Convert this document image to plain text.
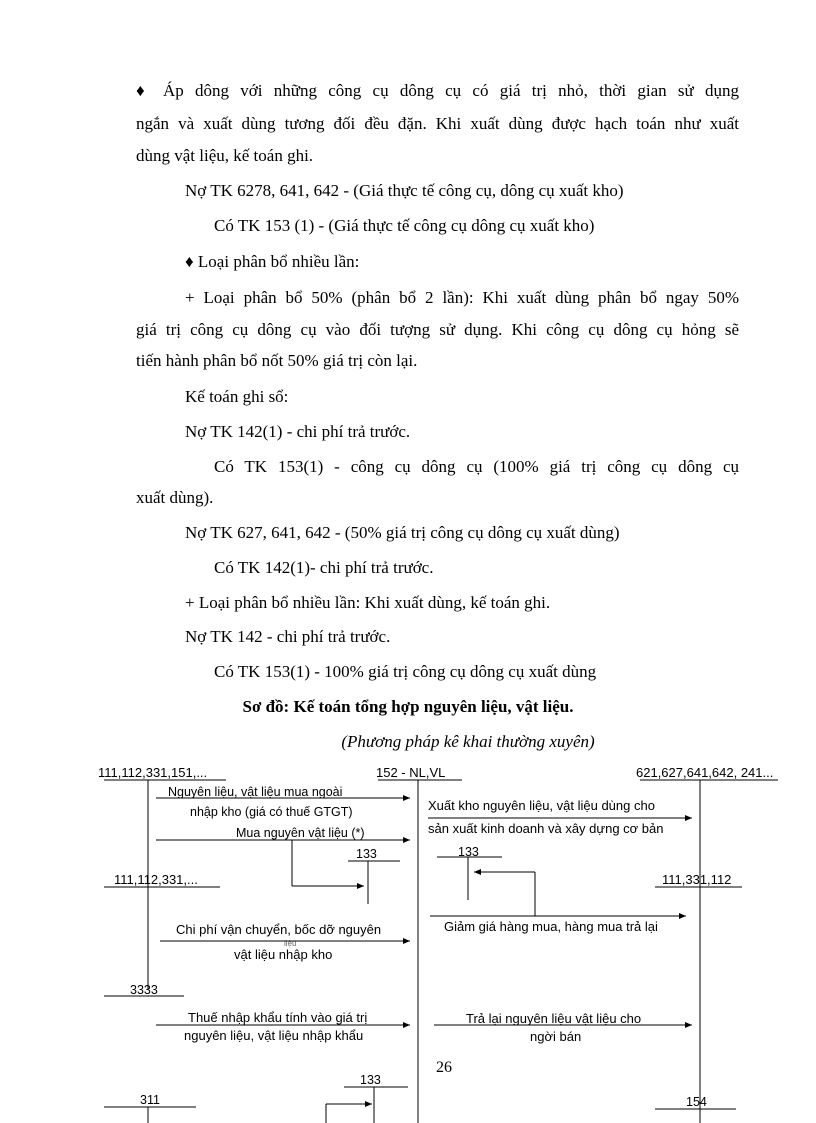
♦ Áp dông với những công cụ dông cụ có giá trị nhỏ, thời gian sử dụng
ngắn và xuất dùng tương đối đều đặn. Khi xuất dùng được hạch toán như xuất
dùng vật liệu, kế toán ghi.
Nợ TK 6278, 641, 642 - (Giá thực tế công cụ, dông cụ xuất kho)
Có TK 153 (1) - (Giá thực tế công cụ dông cụ xuất kho)
♦ Loại phân bổ nhiều lần:
+ Loại phân bổ 50% (phân bổ 2 lần): Khi xuất dùng phân bổ ngay 50%
giá trị công cụ dông cụ vào đối tượng sử dụng. Khi công cụ dông cụ hỏng sẽ
tiến hành phân bổ nốt 50% giá trị còn lại.
Kế toán ghi sổ:
Nợ TK 142(1) - chi phí trả trước.
Có TK 153(1) - công cụ dông cụ (100% giá trị công cụ dông cụ
xuất dùng).
Nợ TK 627, 641, 642 - (50% giá trị công cụ dông cụ xuất dùng)
Có TK 142(1)- chi phí trả trước.
+ Loại phân bổ nhiều lần: Khi xuất dùng, kế toán ghi.
Nợ TK 142 - chi phí trả trước.
Có TK 153(1) - 100% giá trị công cụ dông cụ xuất dùng
Sơ đồ: Kế toán tổng hợp nguyên liệu, vật liệu.
(Phương pháp kê khai thường xuyên)
111,112,331,151,...	152 - NL,VL	621,627,641,642, 241...
Nguyên liệu, vật liệu mua ngoài
nhập kho (giá có thuế GTGT)
Mua nguyên vật liệu (*)
Xuất kho nguyên liệu, vật liệu dùng cho
sản xuất kinh doanh và xây dựng cơ bản
133	133
111,112,331,...	111,331,112
Giảm giá hàng mua, hàng mua trả lại
Chi phí vận chuyển, bốc dỡ nguyên
liệu
vật liệu nhập kho
3333
Thuế nhập khẩu tính vào giá trị
nguyên liệu, vật liệu nhập khẩu
Trả lại nguyên liệu vật liệu cho
ngời bán
133
311	154
26
